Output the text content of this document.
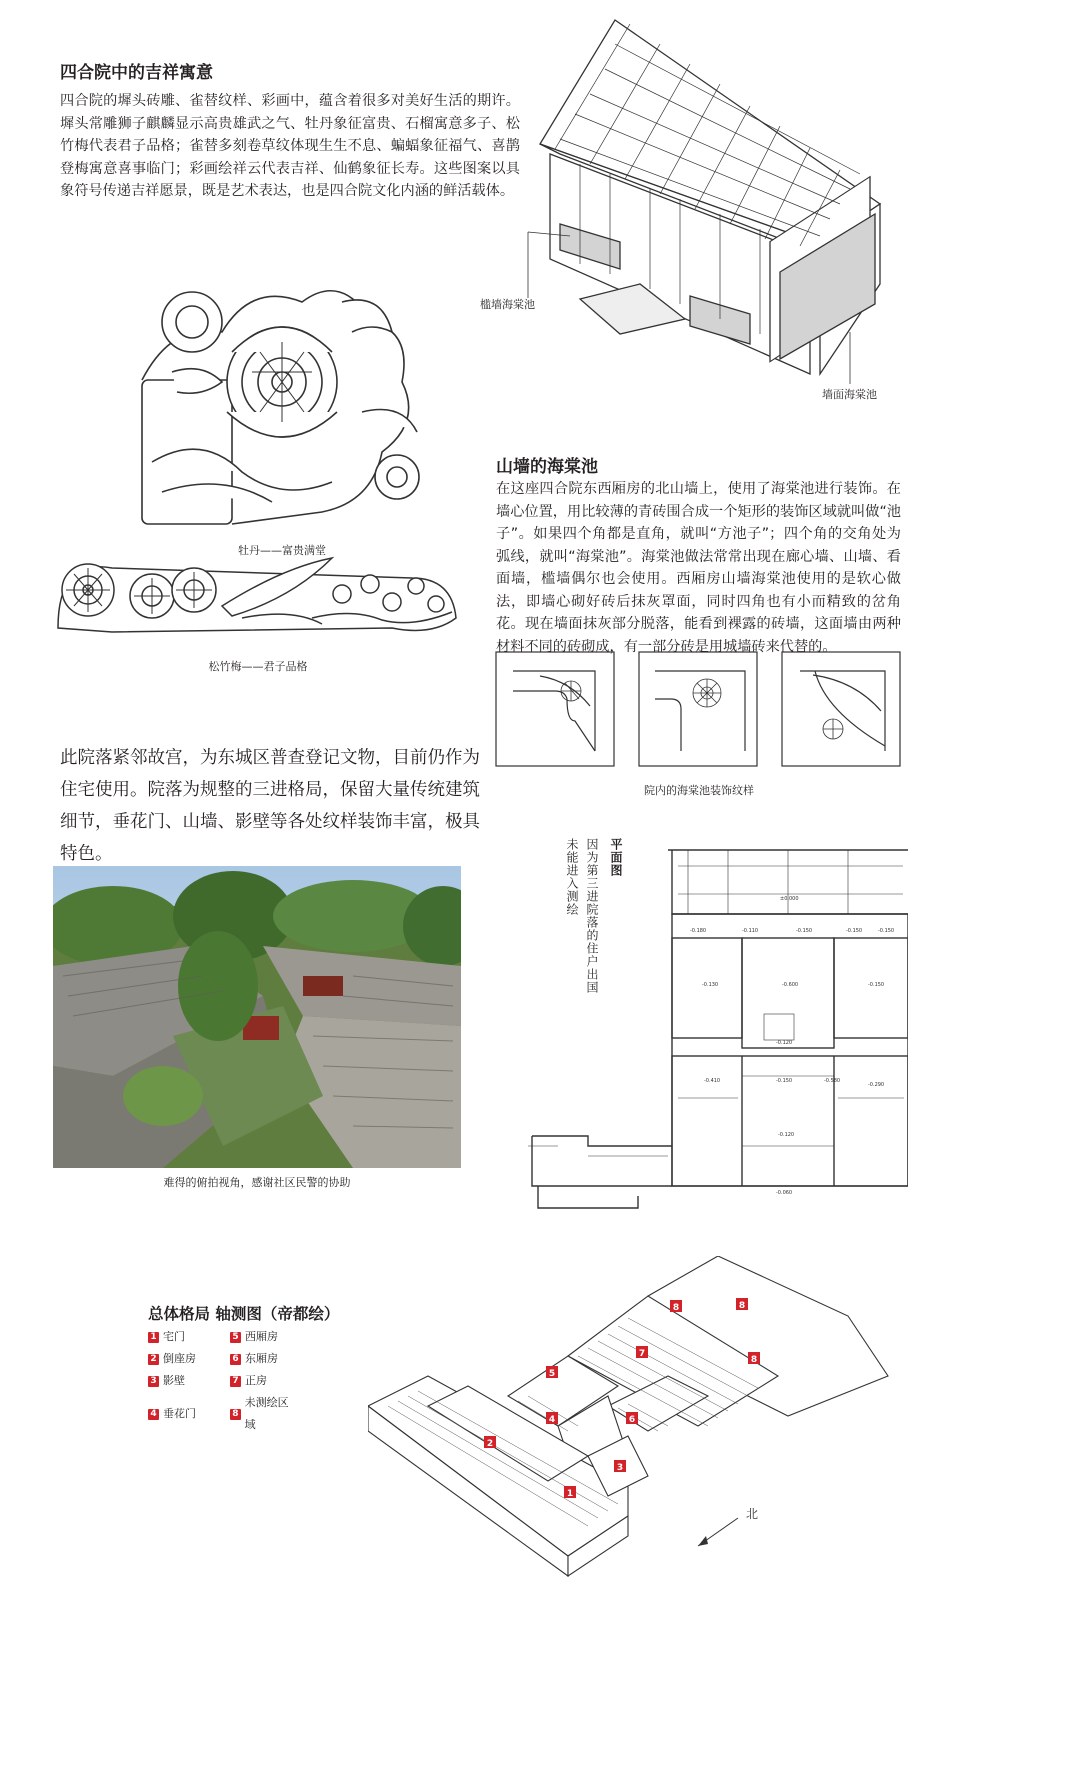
四合院中的吉祥寓意
四合院的墀头砖雕、雀替纹样、彩画中，蕴含着很多对美好生活的期许。墀头常雕狮子麒麟显示高贵雄武之气、牡丹象征富贵、石榴寓意多子、松竹梅代表君子品格；雀替多刻卷草纹体现生生不息、蝙蝠象征福气、喜鹊登梅寓意喜事临门；彩画绘祥云代表吉祥、仙鹤象征长寿。这些图案以具象符号传递吉祥愿景，既是艺术表达，也是四合院文化内涵的鲜活载体。
牡丹——富贵满堂
松竹梅——君子品格
此院落紧邻故宫，为东城区普查登记文物，目前仍作为住宅使用。院落为规整的三进格局，保留大量传统建筑细节，垂花门、山墙、影壁等各处纹样装饰丰富，极具特色。
难得的俯拍视角，感谢社区民警的协助
槛墙海棠池
墙面海棠池
山墙的海棠池
在这座四合院东西厢房的北山墙上，使用了海棠池进行装饰。在墙心位置，用比较薄的青砖围合成一个矩形的装饰区域就叫做“池子”。如果四个角都是直角，就叫“方池子”；四个角的交角处为弧线，就叫“海棠池”。海棠池做法常常出现在廊心墙、山墙、看面墙，槛墙偶尔也会使用。西厢房山墙海棠池使用的是软心做法，即墙心砌好砖后抹灰罩面，同时四角也有小而精致的岔角花。现在墙面抹灰部分脱落，能看到裸露的砖墙，这面墙由两种材料不同的砖砌成，有一部分砖是用城墙砖来代替的。
院内的海棠池装饰纹样
平面图
因为第三进院落的住户出国
未能进入测绘	±0.000
-0.180	-0.110	-0.150	-0.150	-0.150
-0.130	-0.600	-0.150
-0.120
-0.410	-0.150	-0.580
-0.290
-0.120
-0.060
总体格局 轴测图（帝都绘）
1 宅门	5 西厢房
2 倒座房	6 东厢房
3 影壁	7 正房
4 垂花门	8
未测绘区域
1
2
3
4
5
6
7
8	8
8
北
